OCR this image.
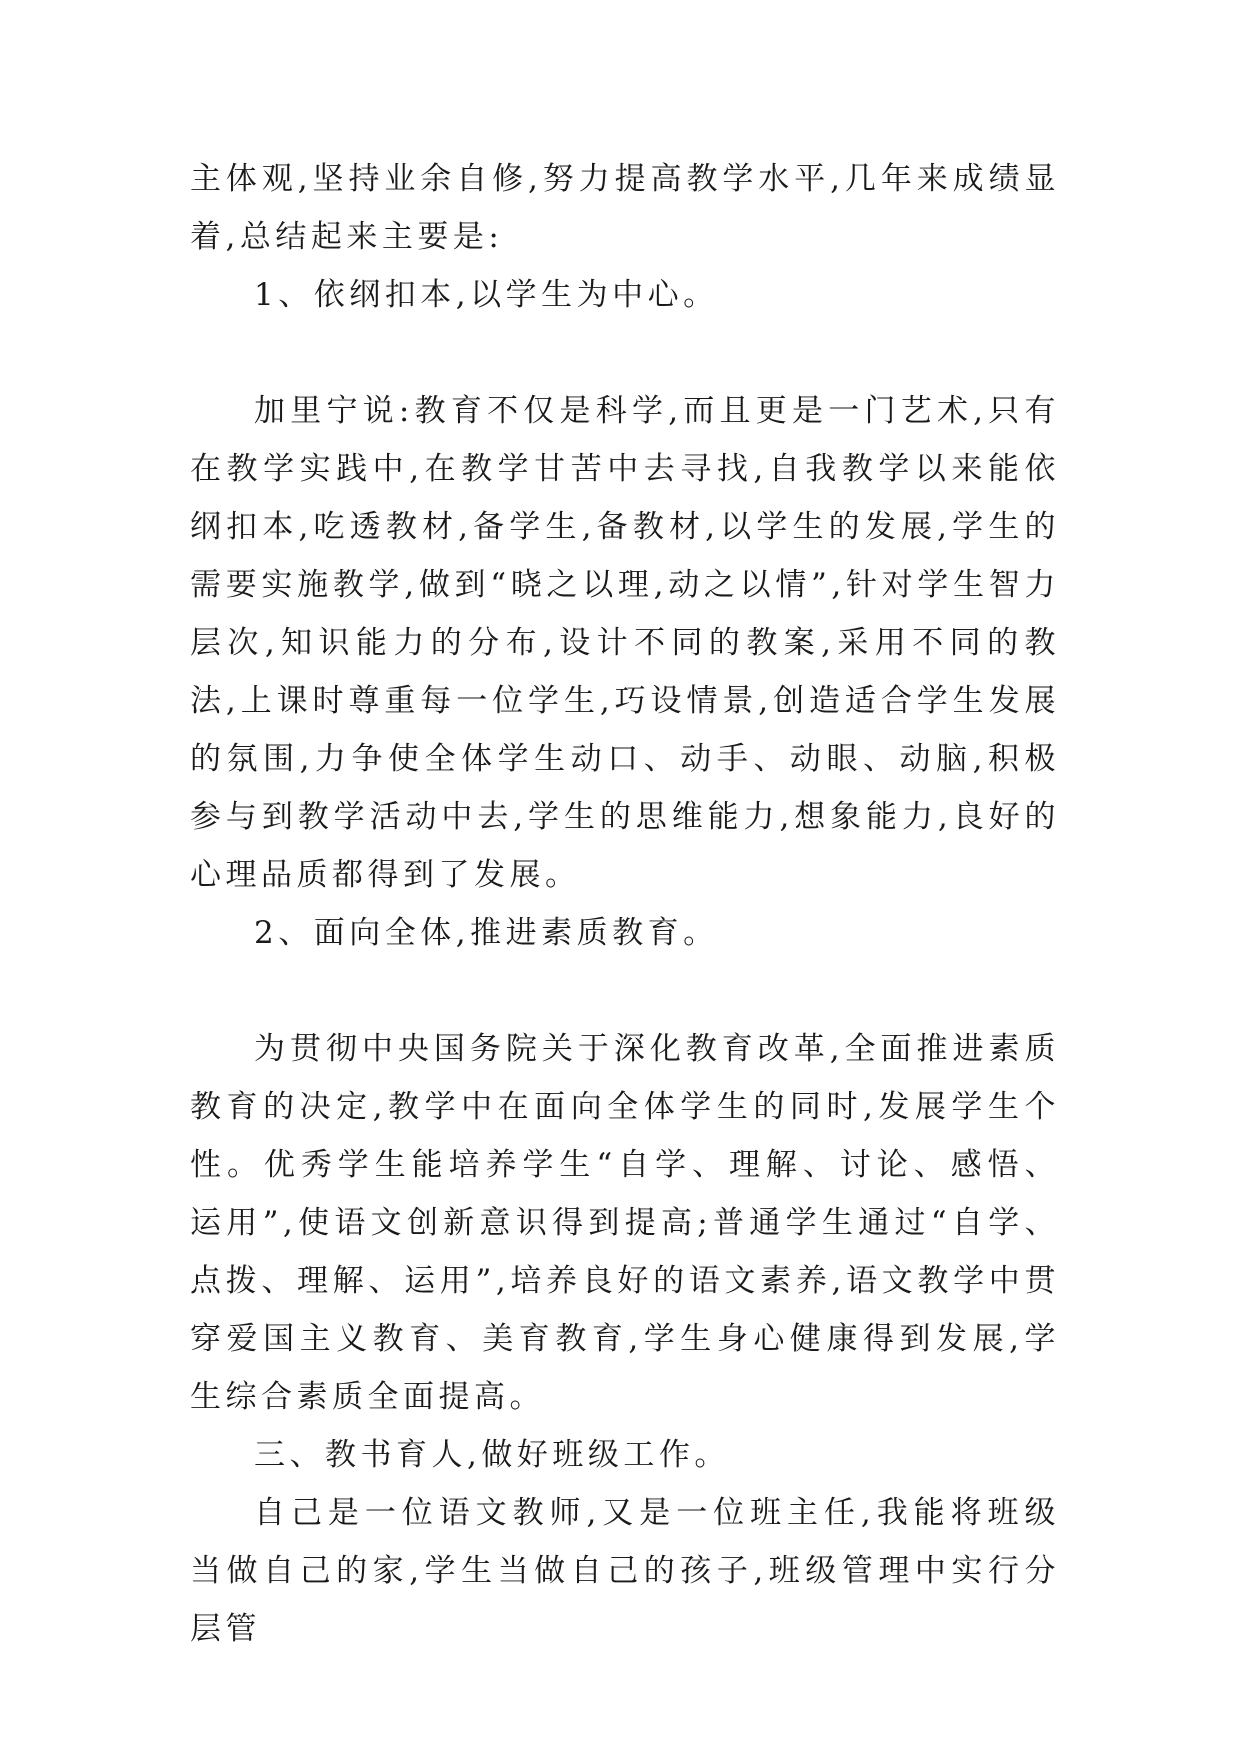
主体观,坚持业余自修,努力提高教学水平,几年来成绩显着,总结起来主要是:

1、依纲扣本,以学生为中心。

加里宁说:教育不仅是科学,而且更是一门艺术,只有在教学实践中,在教学甘苦中去寻找,自我教学以来能依纲扣本,吃透教材,备学生,备教材,以学生的发展,学生的需要实施教学,做到“晓之以理,动之以情”,针对学生智力层次,知识能力的分布,设计不同的教案,采用不同的教法,上课时尊重每一位学生,巧设情景,创造适合学生发展的氛围,力争使全体学生动口、动手、动眼、动脑,积极参与到教学活动中去,学生的思维能力,想象能力,良好的心理品质都得到了发展。

2、面向全体,推进素质教育。

为贯彻中央国务院关于深化教育改革,全面推进素质教育的决定,教学中在面向全体学生的同时,发展学生个性。优秀学生能培养学生“自学、理解、讨论、感悟、运用”,使语文创新意识得到提高;普通学生通过“自学、点拨、理解、运用”,培养良好的语文素养,语文教学中贯穿爱国主义教育、美育教育,学生身心健康得到发展,学生综合素质全面提高。

三、教书育人,做好班级工作。

自己是一位语文教师,又是一位班主任,我能将班级当做自己的家,学生当做自己的孩子,班级管理中实行分层管
